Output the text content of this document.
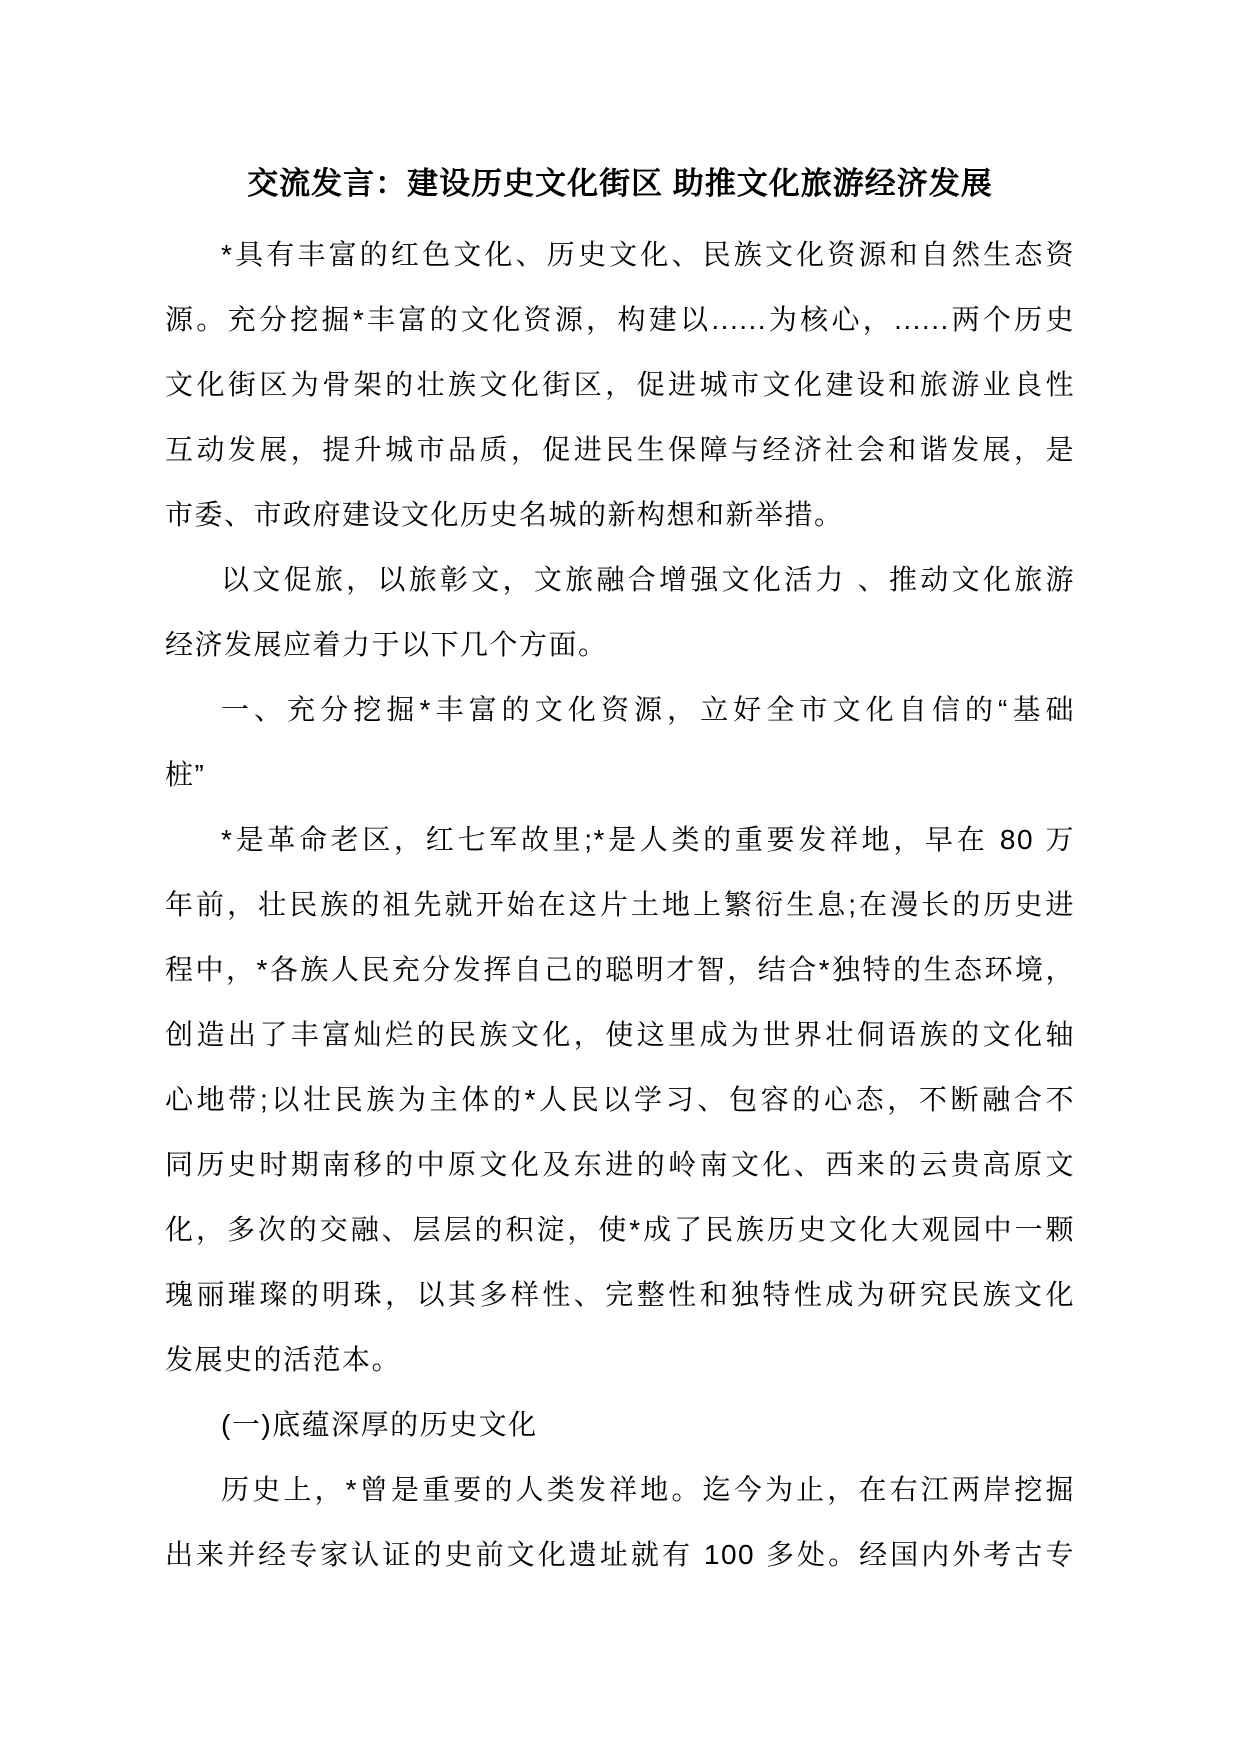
交流发言：建设历史文化街区 助推文化旅游经济发展
*具有丰富的红色文化、历史文化、民族文化资源和自然生态资
源。充分挖掘*丰富的文化资源，构建以......为核心，......两个历史
文化街区为骨架的壮族文化街区，促进城市文化建设和旅游业良性
互动发展，提升城市品质，促进民生保障与经济社会和谐发展，是
市委、市政府建设文化历史名城的新构想和新举措。
以文促旅，以旅彰文，文旅融合增强文化活力 、推动文化旅游
经济发展应着力于以下几个方面。
一、充分挖掘*丰富的文化资源，立好全市文化自信的“基础
桩”
*是革命老区，红七军故里;*是人类的重要发祥地，早在 80 万
年前，壮民族的祖先就开始在这片土地上繁衍生息;在漫长的历史进
程中，*各族人民充分发挥自己的聪明才智，结合*独特的生态环境，
创造出了丰富灿烂的民族文化，使这里成为世界壮侗语族的文化轴
心地带;以壮民族为主体的*人民以学习、包容的心态，不断融合不
同历史时期南移的中原文化及东进的岭南文化、西来的云贵高原文
化，多次的交融、层层的积淀，使*成了民族历史文化大观园中一颗
瑰丽璀璨的明珠，以其多样性、完整性和独特性成为研究民族文化
发展史的活范本。
(一)底蕴深厚的历史文化
历史上，*曾是重要的人类发祥地。迄今为止，在右江两岸挖掘
出来并经专家认证的史前文化遗址就有 100 多处。经国内外考古专
